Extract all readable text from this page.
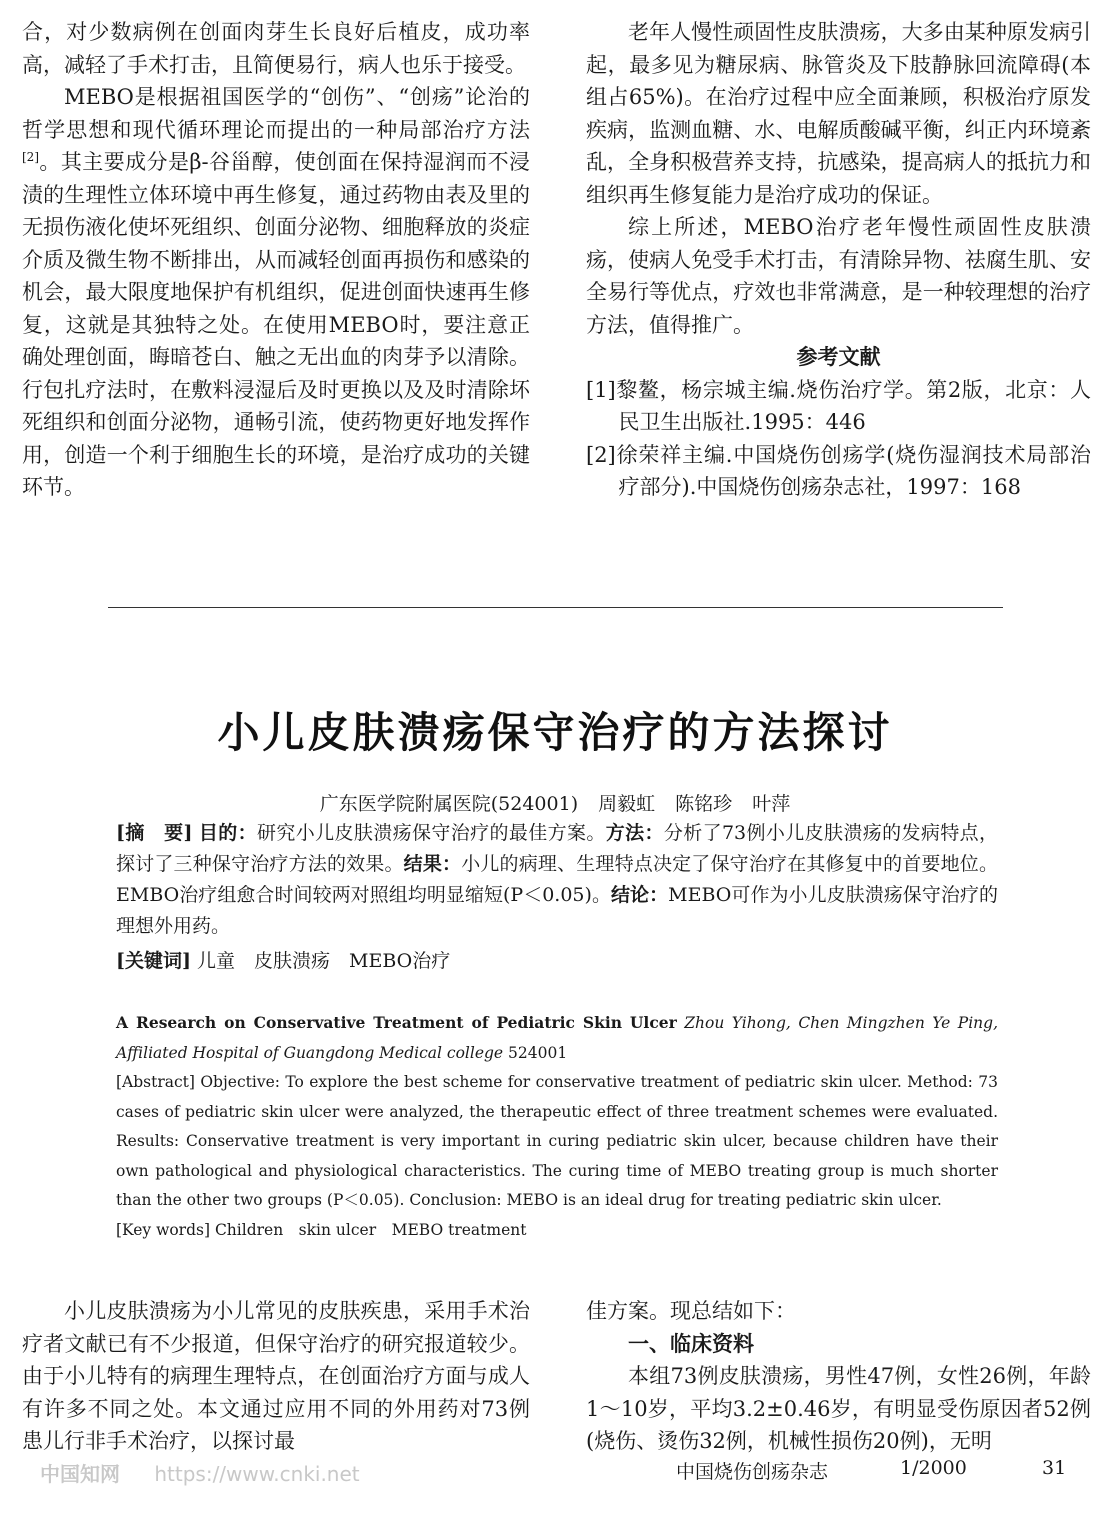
合，对少数病例在创面肉芽生长良好后植皮，成功率高，减轻了手术打击，且简便易行，病人也乐于接受。

MEBO是根据祖国医学的“创伤”、“创疡”论治的哲学思想和现代循环理论而提出的一种局部治疗方法[2]。其主要成分是β-谷甾醇，使创面在保持湿润而不浸渍的生理性立体环境中再生修复，通过药物由表及里的无损伤液化使坏死组织、创面分泌物、细胞释放的炎症介质及微生物不断排出，从而减轻创面再损伤和感染的机会，最大限度地保护有机组织，促进创面快速再生修复，这就是其独特之处。在使用MEBO时，要注意正确处理创面，晦暗苍白、触之无出血的肉芽予以清除。行包扎疗法时，在敷料浸湿后及时更换以及及时清除坏死组织和创面分泌物，通畅引流，使药物更好地发挥作用，创造一个利于细胞生长的环境，是治疗成功的关键环节。

老年人慢性顽固性皮肤溃疡，大多由某种原发病引起，最多见为糖尿病、脉管炎及下肢静脉回流障碍(本组占65%)。在治疗过程中应全面兼顾，积极治疗原发疾病，监测血糖、水、电解质酸碱平衡，纠正内环境紊乱，全身积极营养支持，抗感染，提高病人的抵抗力和组织再生修复能力是治疗成功的保证。

综上所述，MEBO治疗老年慢性顽固性皮肤溃疡，使病人免受手术打击，有清除异物、祛腐生肌、安全易行等优点，疗效也非常满意，是一种较理想的治疗方法，值得推广。

参考文献

[1]黎鳌，杨宗城主编.烧伤治疗学。第2版，北京：人民卫生出版社.1995：446

[2]徐荣祥主编.中国烧伤创疡学(烧伤湿润技术局部治疗部分).中国烧伤创疡杂志社，1997：168

小儿皮肤溃疡保守治疗的方法探讨
广东医学院附属医院(524001) 周毅虹 陈铭珍 叶萍

[摘　要] 目的：研究小儿皮肤溃疡保守治疗的最佳方案。方法：分析了73例小儿皮肤溃疡的发病特点，探讨了三种保守治疗方法的效果。结果：小儿的病理、生理特点决定了保守治疗在其修复中的首要地位。EMBO治疗组愈合时间较两对照组均明显缩短(P＜0.05)。结论：MEBO可作为小儿皮肤溃疡保守治疗的理想外用药。

[关键词] 儿童　皮肤溃疡　MEBO治疗

A Research on Conservative Treatment of Pediatric Skin Ulcer Zhou Yihong, Chen Mingzhen Ye Ping, Affiliated Hospital of Guangdong Medical college 524001

[Abstract] Objective: To explore the best scheme for conservative treatment of pediatric skin ulcer. Method: 73 cases of pediatric skin ulcer were analyzed, the therapeutic effect of three treatment schemes were evaluated. Results: Conservative treatment is very important in curing pediatric skin ulcer, because children have their own pathological and physiological characteristics. The curing time of MEBO treating group is much shorter than the other two groups (P＜0.05). Conclusion: MEBO is an ideal drug for treating pediatric skin ulcer.

[Key words] Children　skin ulcer　MEBO treatment

小儿皮肤溃疡为小儿常见的皮肤疾患，采用手术治疗者文献已有不少报道，但保守治疗的研究报道较少。由于小儿特有的病理生理特点，在创面治疗方面与成人有许多不同之处。本文通过应用不同的外用药对73例患儿行非手术治疗，以探讨最

佳方案。现总结如下：

一、临床资料

本组73例皮肤溃疡，男性47例，女性26例，年龄1～10岁，平均3.2±0.46岁，有明显受伤原因者52例(烧伤、烫伤32例，机械性损伤20例)，无明

中国知网 https://www.cnki.net	中国烧伤创疡杂志	1/2000	31
